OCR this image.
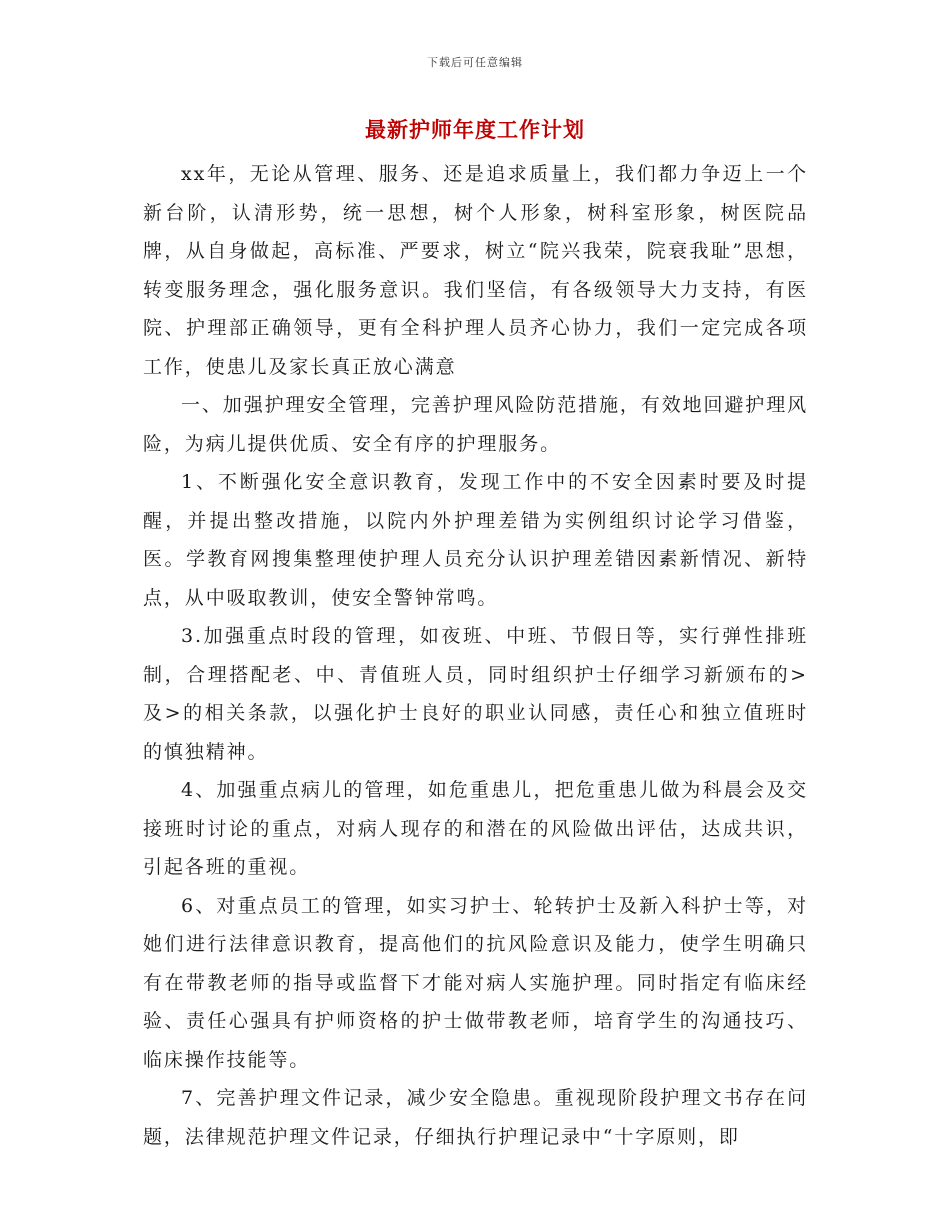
下载后可任意编辑
最新护师年度工作计划

xx年，无论从管理、服务、还是追求质量上，我们都力争迈上一个新台阶，认清形势，统一思想，树个人形象，树科室形象，树医院品牌，从自身做起，高标准、严要求，树立“院兴我荣，院衰我耻”思想，转变服务理念，强化服务意识。我们坚信，有各级领导大力支持，有医院、护理部正确领导，更有全科护理人员齐心协力，我们一定完成各项工作，使患儿及家长真正放心满意

一、加强护理安全管理，完善护理风险防范措施，有效地回避护理风险，为病儿提供优质、安全有序的护理服务。

1、不断强化安全意识教育，发现工作中的不安全因素时要及时提醒，并提出整改措施，以院内外护理差错为实例组织讨论学习借鉴，医。学教育网搜集整理使护理人员充分认识护理差错因素新情况、新特点，从中吸取教训，使安全警钟常鸣。

3.加强重点时段的管理，如夜班、中班、节假日等，实行弹性排班制，合理搭配老、中、青值班人员，同时组织护士仔细学习新颁布的>及>的相关条款，以强化护士良好的职业认同感，责任心和独立值班时的慎独精神。

4、加强重点病儿的管理，如危重患儿，把危重患儿做为科晨会及交接班时讨论的重点，对病人现存的和潜在的风险做出评估，达成共识，引起各班的重视。

6、对重点员工的管理，如实习护士、轮转护士及新入科护士等，对她们进行法律意识教育，提高他们的抗风险意识及能力，使学生明确只有在带教老师的指导或监督下才能对病人实施护理。同时指定有临床经验、责任心强具有护师资格的护士做带教老师，培育学生的沟通技巧、临床操作技能等。

7、完善护理文件记录，减少安全隐患。重视现阶段护理文书存在问题，法律规范护理文件记录，仔细执行护理记录中“十字原则，即
